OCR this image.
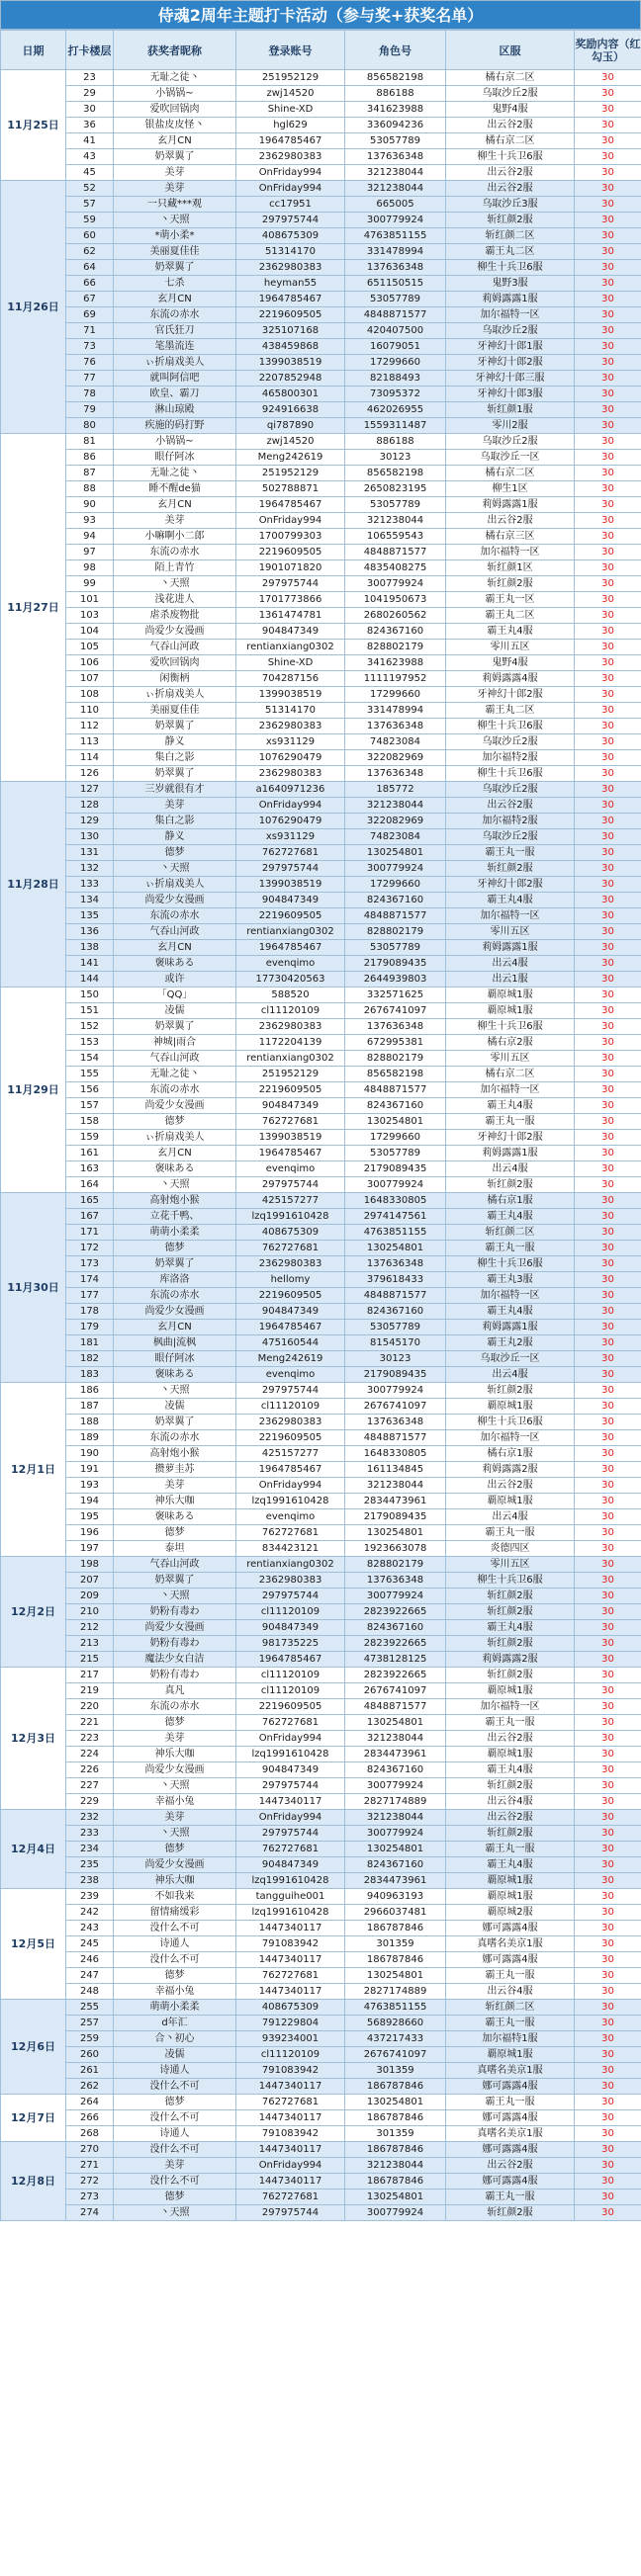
侍魂2周年主题打卡活动（参与奖+获奖名单）
日期	打卡楼层	获奖者昵称	登录账号	角色号	区服	奖励内容（红勾玉）
11月25日	23	无耻之徒丶	251952129	856582198	橘右京二区	30
	29	小锅锅~	zwj14520	886188	乌取沙丘2服	30
	30	爱吹回锅肉	Shine-XD	341623988	鬼野4服	30
	36	银盐皮皮怪丶	hgl629	336094236	出云谷2服	30
	41	玄月CN	1964785467	53057789	橘右京二区	30
	43	奶翠翼了	2362980383	137636348	柳生十兵卫6服	30
	45	美芽	OnFriday994	321238044	出云谷2服	30
11月26日	52	美芽	OnFriday994	321238044	出云谷2服	30
	57	一只藏***观	cc17951	665005	乌取沙丘3服	30
	59	丶天照	297975744	300779924	斩红颜2服	30
	60	*萌小柔*	408675309	4763851155	斩红颜二区	30
	62	美丽夏佳佳	51314170	331478994	霸王丸二区	30
	64	奶翠翼了	2362980383	137636348	柳生十兵卫6服	30
	66	七杀	heyman55	651150515	鬼野3服	30
	67	玄月CN	1964785467	53057789	莉姆露露1服	30
	69	东流の赤水	2219609505	4848871577	加尔福特一区	30
	71	官氏狂刀	325107168	420407500	乌取沙丘2服	30
	73	笔墨流连	438459868	16079051	牙神幻十郎1服	30
	76	ぃ折扇戏美人	1399038519	17299660	牙神幻十郎2服	30
	77	就叫阿信吧	2207852948	82188493	牙神幻十郎三服	30
	78	欧皇、霸刀	465800301	73095372	牙神幻十郎3服	30
	79	淋山琼殿	924916638	462026955	斩红颜1服	30
	80	疾施的码打野	qi787890	1559311487	零川2服	30
11月27日	81	小锅锅~	zwj14520	886188	乌取沙丘2服	30
	86	眼仔阿冰	Meng242619	30123	乌取沙丘一区	30
	87	无耻之徒丶	251952129	856582198	橘右京二区	30
	88	睡不醒de猫	502788871	2650823195	柳生1区	30
	90	玄月CN	1964785467	53057789	莉姆露露1服	30
	93	美芽	OnFriday994	321238044	出云谷2服	30
	94	小嘛啊小二郎	1700799303	106559543	橘右京三区	30
	97	东流の赤水	2219609505	4848871577	加尔福特一区	30
	98	陌上青竹	1901071820	4835408275	斩红颜1区	30
	99	丶天照	297975744	300779924	斩红颜2服	30
	101	浅花进人	1701773866	1041950673	霸王丸一区	30
	103	虐杀废物批	1361474781	2680260562	霸王丸二区	30
	104	尚爱少女漫画	904847349	824367160	霸王丸4服	30
	105	气吞山河政	rentianxiang0302	828802179	零川五区	30
	106	爱吹回锅肉	Shine-XD	341623988	鬼野4服	30
	107	闲衡柄	704287156	1111197952	莉姆露露4服	30
	108	ぃ折扇戏美人	1399038519	17299660	牙神幻十郎2服	30
	110	美丽夏佳佳	51314170	331478994	霸王丸二区	30
	112	奶翠翼了	2362980383	137636348	柳生十兵卫6服	30
	113	静义	xs931129	74823084	乌取沙丘2服	30
	114	集白之影	1076290479	322082969	加尔福特2服	30
	126	奶翠翼了	2362980383	137636348	柳生十兵卫6服	30
11月28日	127	三岁就很有才	a1640971236	185772	乌取沙丘2服	30
	128	美芽	OnFriday994	321238044	出云谷2服	30
	129	集白之影	1076290479	322082969	加尔福特2服	30
	130	静义	xs931129	74823084	乌取沙丘2服	30
	131	德梦	762727681	130254801	霸王丸一服	30
	132	丶天照	297975744	300779924	斩红颜2服	30
	133	ぃ折扇戏美人	1399038519	17299660	牙神幻十郎2服	30
	134	尚爱少女漫画	904847349	824367160	霸王丸4服	30
	135	东流の赤水	2219609505	4848871577	加尔福特一区	30
	136	气吞山河政	rentianxiang0302	828802179	零川五区	30
	138	玄月CN	1964785467	53057789	莉姆露露1服	30
	141	褒味ある	evenqimo	2179089435	出云4服	30
	144	或许	17730420563	2644939803	出云1服	30
11月29日	150	「QQ」	588520	332571625	覇原城1服	30
	151	凌儒	cl11120109	2676741097	覇原城1服	30
	152	奶翠翼了	2362980383	137636348	柳生十兵卫6服	30
	153	神城|雨合	1172204139	672995381	橘右京2服	30
	154	气吞山河政	rentianxiang0302	828802179	零川五区	30
	155	无耻之徒丶	251952129	856582198	橘右京二区	30
	156	东流の赤水	2219609505	4848871577	加尔福特一区	30
	157	尚爱少女漫画	904847349	824367160	霸王丸4服	30
	158	德梦	762727681	130254801	霸王丸一服	30
	159	ぃ折扇戏美人	1399038519	17299660	牙神幻十郎2服	30
	161	玄月CN	1964785467	53057789	莉姆露露1服	30
	163	褒味ある	evenqimo	2179089435	出云4服	30
	164	丶天照	297975744	300779924	斩红颜2服	30
11月30日	165	高射炮小猴	425157277	1648330805	橘右京1服	30
	167	立花千鸭、	lzq1991610428	2974147561	霸王丸4服	30
	171	萌萌小柔柔	408675309	4763851155	斩红颜二区	30
	172	德梦	762727681	130254801	霸王丸一服	30
	173	奶翠翼了	2362980383	137636348	柳生十兵卫6服	30
	174	库洛洛	hellomy	379618433	霸王丸3服	30
	177	东流の赤水	2219609505	4848871577	加尔福特一区	30
	178	尚爱少女漫画	904847349	824367160	霸王丸4服	30
	179	玄月CN	1964785467	53057789	莉姆露露1服	30
	181	枫曲|流枫	475160544	81545170	霸王丸2服	30
	182	眼仔阿冰	Meng242619	30123	乌取沙丘一区	30
	183	褒味ある	evenqimo	2179089435	出云4服	30
12月1日	186	丶天照	297975744	300779924	斩红颜2服	30
	187	凌儒	cl11120109	2676741097	覇原城1服	30
	188	奶翠翼了	2362980383	137636348	柳生十兵卫6服	30
	189	东流の赤水	2219609505	4848871577	加尔福特一区	30
	190	高射炮小猴	425157277	1648330805	橘右京1服	30
	191	攒萝圭苏	1964785467	161134845	莉姆露露2服	30
	193	美芽	OnFriday994	321238044	出云谷2服	30
	194	神乐大咖	lzq1991610428	2834473961	覇原城1服	30
	195	褒味ある	evenqimo	2179089435	出云4服	30
	196	德梦	762727681	130254801	霸王丸一服	30
	197	泰坦	834423121	1923663078	炎德四区	30
12月2日	198	气吞山河政	rentianxiang0302	828802179	零川五区	30
	207	奶翠翼了	2362980383	137636348	柳生十兵卫6服	30
	209	丶天照	297975744	300779924	斩红颜2服	30
	210	奶粉有毒わ	cl11120109	2823922665	斩红颜2服	30
	212	尚爱少女漫画	904847349	824367160	霸王丸4服	30
	213	奶粉有毒わ	981735225	2823922665	斩红颜2服	30
	215	魔法少女白洁	1964785467	4738128125	莉姆露露2服	30
12月3日	217	奶粉有毒わ	cl11120109	2823922665	斩红颜2服	30
	219	真凡	cl11120109	2676741097	覇原城1服	30
	220	东流の赤水	2219609505	4848871577	加尔福特一区	30
	221	德梦	762727681	130254801	霸王丸一服	30
	223	美芽	OnFriday994	321238044	出云谷2服	30
	224	神乐大咖	lzq1991610428	2834473961	覇原城1服	30
	226	尚爱少女漫画	904847349	824367160	霸王丸4服	30
	227	丶天照	297975744	300779924	斩红颜2服	30
	229	幸福小兔	1447340117	2827174889	出云谷4服	30
12月4日	232	美芽	OnFriday994	321238044	出云谷2服	30
	233	丶天照	297975744	300779924	斩红颜2服	30
	234	德梦	762727681	130254801	霸王丸一服	30
	235	尚爱少女漫画	904847349	824367160	霸王丸4服	30
	238	神乐大咖	lzq1991610428	2834473961	覇原城1服	30
12月5日	239	不如我来	tangguihe001	940963193	覇原城1服	30
	242	留情痛缓彩	lzq1991610428	2966037481	覇原城2服	30
	243	没什么不可	1447340117	186787846	娜可露露4服	30
	245	诗通人	791083942	301359	真嗜名美京1服	30
	246	没什么不可	1447340117	186787846	娜可露露4服	30
	247	德梦	762727681	130254801	霸王丸一服	30
	248	幸福小兔	1447340117	2827174889	出云谷4服	30
12月6日	255	萌萌小柔柔	408675309	4763851155	斩红颜二区	30
	257	d年汇	791229804	568928660	霸王丸一服	30
	259	合丶初心	939234001	437217433	加尔福特1服	30
	260	凌儒	cl11120109	2676741097	覇原城1服	30
	261	诗通人	791083942	301359	真嗜名美京1服	30
	262	没什么不可	1447340117	186787846	娜可露露4服	30
12月7日	264	德梦	762727681	130254801	霸王丸一服	30
	266	没什么不可	1447340117	186787846	娜可露露4服	30
	268	诗通人	791083942	301359	真嗜名美京1服	30
12月8日	270	没什么不可	1447340117	186787846	娜可露露4服	30
	271	美芽	OnFriday994	321238044	出云谷2服	30
	272	没什么不可	1447340117	186787846	娜可露露4服	30
	273	德梦	762727681	130254801	霸王丸一服	30
	274	丶天照	297975744	300779924	斩红颜2服	30
